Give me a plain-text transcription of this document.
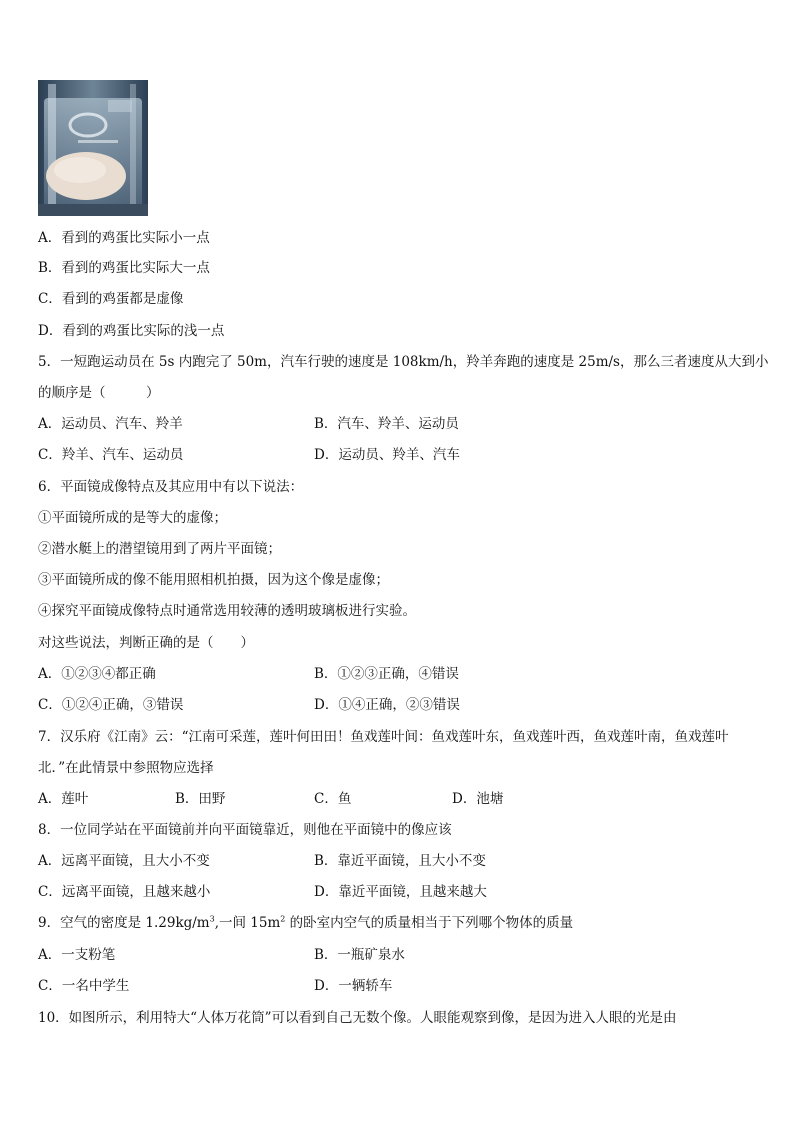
A．看到的鸡蛋比实际小一点
B．看到的鸡蛋比实际大一点
C．看到的鸡蛋都是虚像
D．看到的鸡蛋比实际的浅一点
5．一短跑运动员在 5s 内跑完了 50m，汽车行驶的速度是 108km/h，羚羊奔跑的速度是 25m/s，那么三者速度从大到小
的顺序是（　　　）
A．运动员、汽车、羚羊	B．汽车、羚羊、运动员
C．羚羊、汽车、运动员	D．运动员、羚羊、汽车
6．平面镜成像特点及其应用中有以下说法：
①平面镜所成的是等大的虚像；
②潜水艇上的潜望镜用到了两片平面镜；
③平面镜所成的像不能用照相机拍摄，因为这个像是虚像；
④探究平面镜成像特点时通常选用较薄的透明玻璃板进行实验。
对这些说法，判断正确的是（　　）
A．①②③④都正确	B．①②③正确，④错误
C．①②④正确，③错误	D．①④正确，②③错误
7．汉乐府《江南》云：“江南可采莲，莲叶何田田！鱼戏莲叶间：鱼戏莲叶东，鱼戏莲叶西，鱼戏莲叶南，鱼戏莲叶
北．”在此情景中参照物应选择
A．莲叶	B．田野	C．鱼	D．池塘
8．一位同学站在平面镜前并向平面镜靠近，则他在平面镜中的像应该
A．远离平面镜，且大小不变	B．靠近平面镜，且大小不变
C．远离平面镜，且越来越小	D．靠近平面镜，且越来越大
9．空气的密度是 $1.29kg/m^3$,一间 $15m^2$ 的卧室内空气的质量相当于下列哪个物体的质量
A．一支粉笔	B．一瓶矿泉水
C．一名中学生	D．一辆轿车
10．如图所示，利用特大“人体万花筒”可以看到自己无数个像。人眼能观察到像，是因为进入人眼的光是由
